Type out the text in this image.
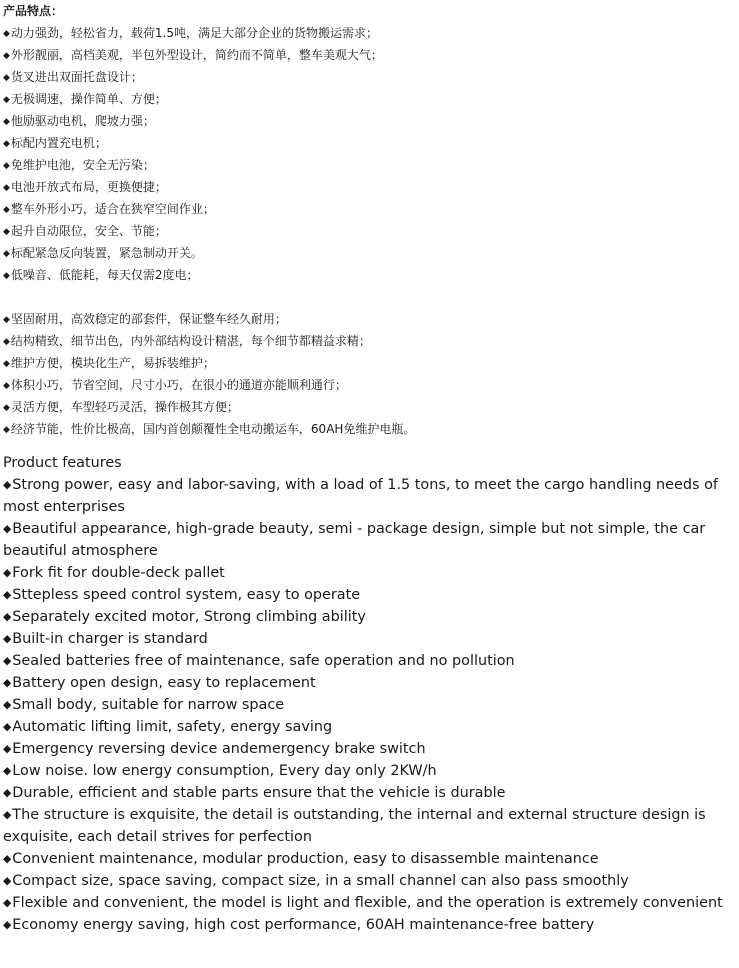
产品特点：
◆动力强劲，轻松省力，载荷1.5吨，满足大部分企业的货物搬运需求；
◆外形靓丽，高档美观，半包外型设计，简约而不简单，整车美观大气；
◆货叉进出双面托盘设计；
◆无极调速，操作简单、方便；
◆他励驱动电机，爬坡力强；
◆标配内置充电机；
◆免维护电池，安全无污染；
◆电池开放式布局，更换便捷；
◆整车外形小巧，适合在狭窄空间作业；
◆起升自动限位，安全、节能；
◆标配紧急反向装置，紧急制动开关。
◆低噪音、低能耗，每天仅需2度电；
◆坚固耐用，高效稳定的部套件，保证整车经久耐用；
◆结构精致，细节出色，内外部结构设计精湛，每个细节都精益求精；
◆维护方便，模块化生产，易拆装维护；
◆体积小巧，节省空间，尺寸小巧，在很小的通道亦能顺利通行；
◆灵活方便，车型轻巧灵活，操作极其方便；
◆经济节能，性价比极高，国内首创颠覆性全电动搬运车，60AH免维护电瓶。
Product features
◆Strong power, easy and labor-saving, with a load of 1.5 tons, to meet the cargo handling needs of most enterprises
◆Beautiful appearance, high-grade beauty, semi - package design, simple but not simple, the car beautiful atmosphere
◆Fork fit for double-deck pallet
◆Sttepless speed control system, easy to operate
◆Separately excited motor, Strong climbing ability
◆Built-in charger is standard
◆Sealed batteries free of maintenance, safe operation and no pollution
◆Battery open design, easy to replacement
◆Small body, suitable for narrow space
◆Automatic lifting limit, safety, energy saving
◆Emergency reversing device andemergency brake switch
◆Low noise. low energy consumption, Every day only 2KW/h
◆Durable, efficient and stable parts ensure that the vehicle is durable
◆The structure is exquisite, the detail is outstanding, the internal and external structure design is exquisite, each detail strives for perfection
◆Convenient maintenance, modular production, easy to disassemble maintenance
◆Compact size, space saving, compact size, in a small channel can also pass smoothly
◆Flexible and convenient, the model is light and flexible, and the operation is extremely convenient
◆Economy energy saving, high cost performance, 60AH maintenance-free battery
